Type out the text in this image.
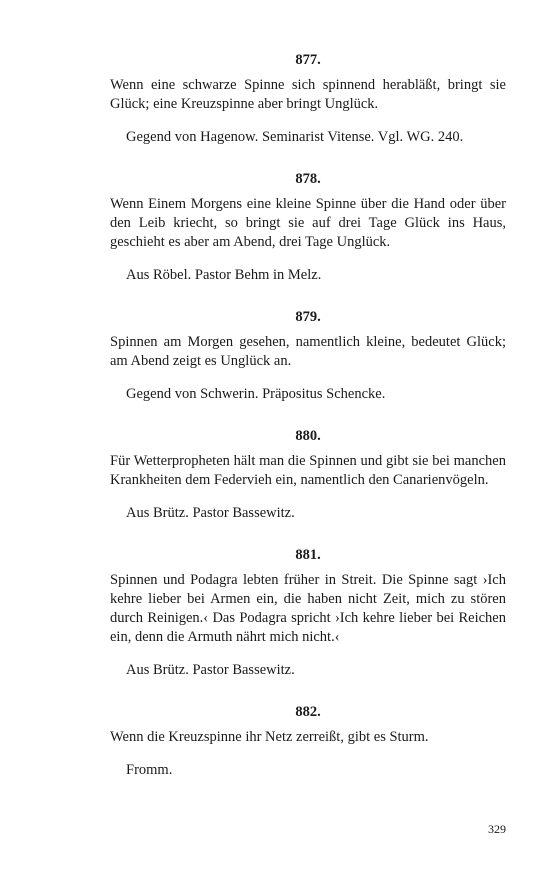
877.

Wenn eine schwarze Spinne sich spinnend herabläßt, bringt sie Glück; eine Kreuzspinne aber bringt Unglück.

Gegend von Hagenow. Seminarist Vitense. Vgl. WG. 240.

878.

Wenn Einem Morgens eine kleine Spinne über die Hand oder über den Leib kriecht, so bringt sie auf drei Tage Glück ins Haus, geschieht es aber am Abend, drei Tage Unglück.

Aus Röbel. Pastor Behm in Melz.

879.

Spinnen am Morgen gesehen, namentlich kleine, bedeutet Glück; am Abend zeigt es Unglück an.

Gegend von Schwerin. Präpositus Schencke.

880.

Für Wetterpropheten hält man die Spinnen und gibt sie bei manchen Krankheiten dem Federvieh ein, namentlich den Canarienvögeln.

Aus Brütz. Pastor Bassewitz.

881.

Spinnen und Podagra lebten früher in Streit. Die Spinne sagt ›Ich kehre lieber bei Armen ein, die haben nicht Zeit, mich zu stören durch Reinigen.‹ Das Podagra spricht ›Ich kehre lieber bei Reichen ein, denn die Armuth nährt mich nicht.‹

Aus Brütz. Pastor Bassewitz.

882.

Wenn die Kreuzspinne ihr Netz zerreißt, gibt es Sturm.

Fromm.

329
